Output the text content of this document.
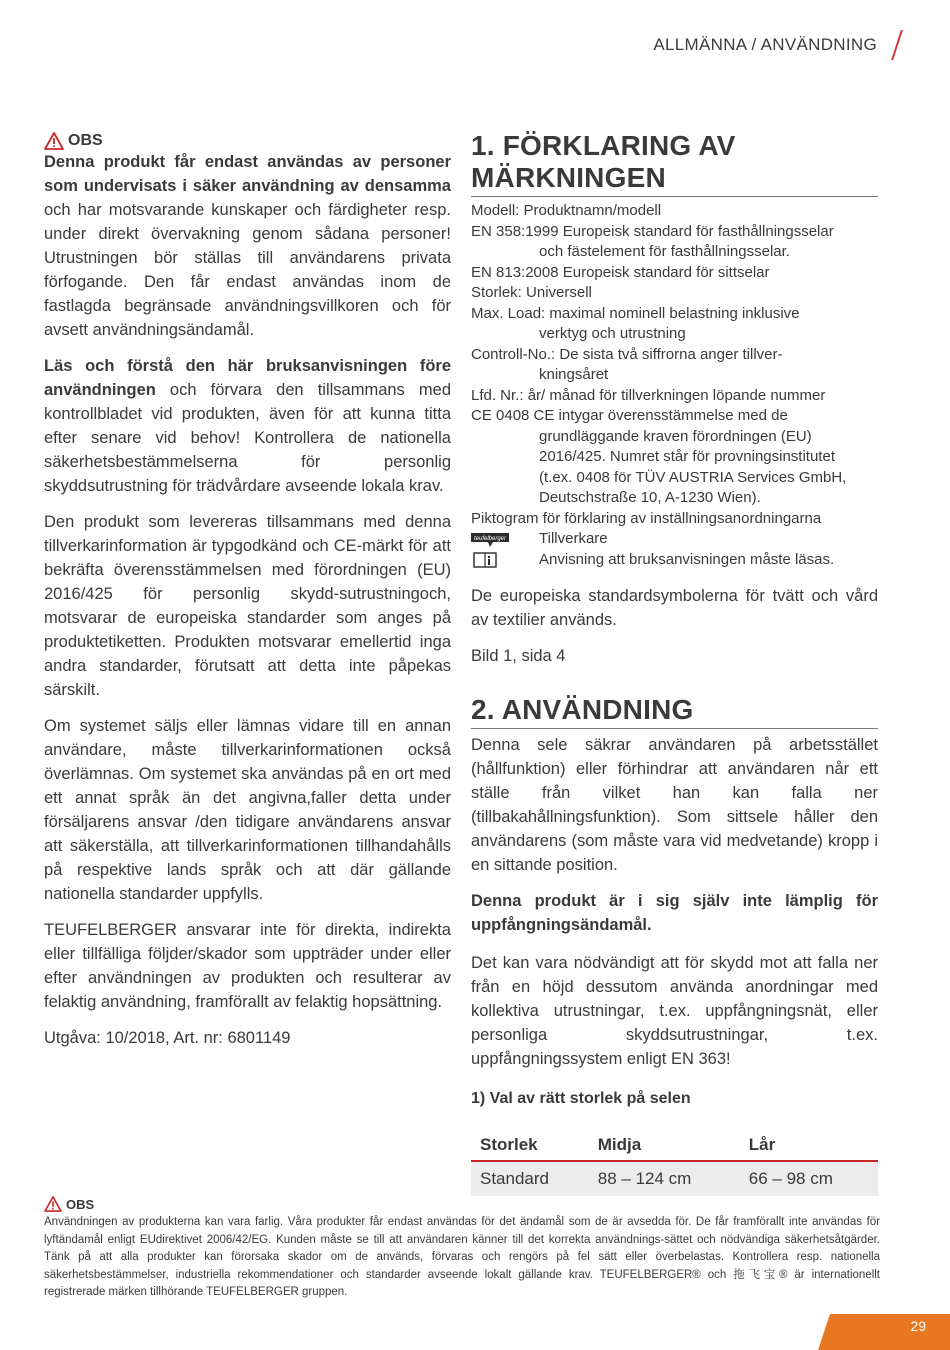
ALLMÄNNA / ANVÄNDNING
OBS

Denna produkt får endast användas av personer som undervisats i säker användning av densamma och har motsvarande kunskaper och färdigheter resp. under direkt övervakning genom sådana personer! Utrustningen bör ställas till användarens privata förfogande. Den får endast användas inom de fastlagda begränsade användningsvillkoren och för avsett användningsändamål.

Läs och förstå den här bruksanvisningen före användningen och förvara den tillsammans med kontrollbladet vid produkten, även för att kunna titta efter senare vid behov! Kontrollera de nationella säkerhetsbestämmelserna för personlig skyddsutrustning för trädvårdare avseende lokala krav.

Den produkt som levereras tillsammans med denna tillverkarinformation är typgodkänd och CE-märkt för att bekräfta överensstämmelsen med förordningen (EU) 2016/425 för personlig skydd-sutrustningoch, motsvarar de europeiska standarder som anges på produktetiketten. Produkten motsvarar emellertid inga andra standarder, förutsatt att detta inte påpekas särskilt.

Om systemet säljs eller lämnas vidare till en annan användare, måste tillverkarinformationen också överlämnas. Om systemet ska användas på en ort med ett annat språk än det angivna,faller detta under försäljarens ansvar /den tidigare användarens ansvar att säkerställa, att tillverkarinformationen tillhandahålls på respektive lands språk och att där gällande nationella standarder uppfylls.

TEUFELBERGER ansvarar inte för direkta, indirekta eller tillfälliga följder/skador som uppträder under eller efter användningen av produkten och resulterar av felaktig användning, framförallt av felaktig hopsättning.

Utgåva: 10/2018, Art. nr: 6801149

1. FÖRKLARING AV MÄRKNINGEN
Modell: Produktnamn/modell
EN 358:1999 Europeisk standard för fasthållningsselar
och fästelement för fasthållningsselar.
EN 813:2008 Europeisk standard för sittselar
Storlek: Universell
Max. Load: maximal nominell belastning inklusive
verktyg och utrustning
Controll-No.: De sista två siffrorna anger tillver-
kningsåret
Lfd. Nr.: år/ månad för tillverkningen löpande nummer
CE 0408 CE intygar överensstämmelse med de
grundläggande kraven förordningen (EU)
2016/425. Numret står för provningsinstitutet
(t.ex. 0408 för TÜV AUSTRIA Services GmbH,
Deutschstraße 10, A-1230 Wien).
Piktogram för förklaring av inställningsanordningarna
teufelberger Tillverkare
Anvisning att bruksanvisningen måste läsas.

De europeiska standardsymbolerna för tvätt och vård av textilier används.

Bild 1, sida 4

2. ANVÄNDNING

Denna sele säkrar användaren på arbetsstället (hållfunktion) eller förhindrar att användaren når ett ställe från vilket han kan falla ner (tillbakahållningsfunktion). Som sittsele håller den användarens (som måste vara vid medvetande) kropp i en sittande position.

Denna produkt är i sig själv inte lämplig för uppfångningsändamål.

Det kan vara nödvändigt att för skydd mot att falla ner från en höjd dessutom använda anordningar med kollektiva utrustningar, t.ex. uppfångningsnät, eller personliga skyddsutrustningar, t.ex. uppfångningssystem enligt EN 363!

1) Val av rätt storlek på selen

Storlek	Midja	Lår
Standard	88 – 124 cm	66 – 98 cm
OBS

Användningen av produkterna kan vara farlig. Våra produkter får endast användas för det ändamål som de är avsedda för. De får framförallt inte användas för lyftändamål enligt EUdirektivet 2006/42/EG. Kunden måste se till att användaren känner till det korrekta användnings-sättet och nödvändiga säkerhetsåtgärder. Tänk på att alla produkter kan förorsaka skador om de används, förvaras och rengörs på fel sätt eller överbelastas. Kontrollera resp. nationella säkerhetsbestämmelser, industriella rekommendationer och standarder avseende lokalt gällande krav. TEUFELBERGER® och 拖飞宝® är internationellt registrerade märken tillhörande TEUFELBERGER gruppen.

29
